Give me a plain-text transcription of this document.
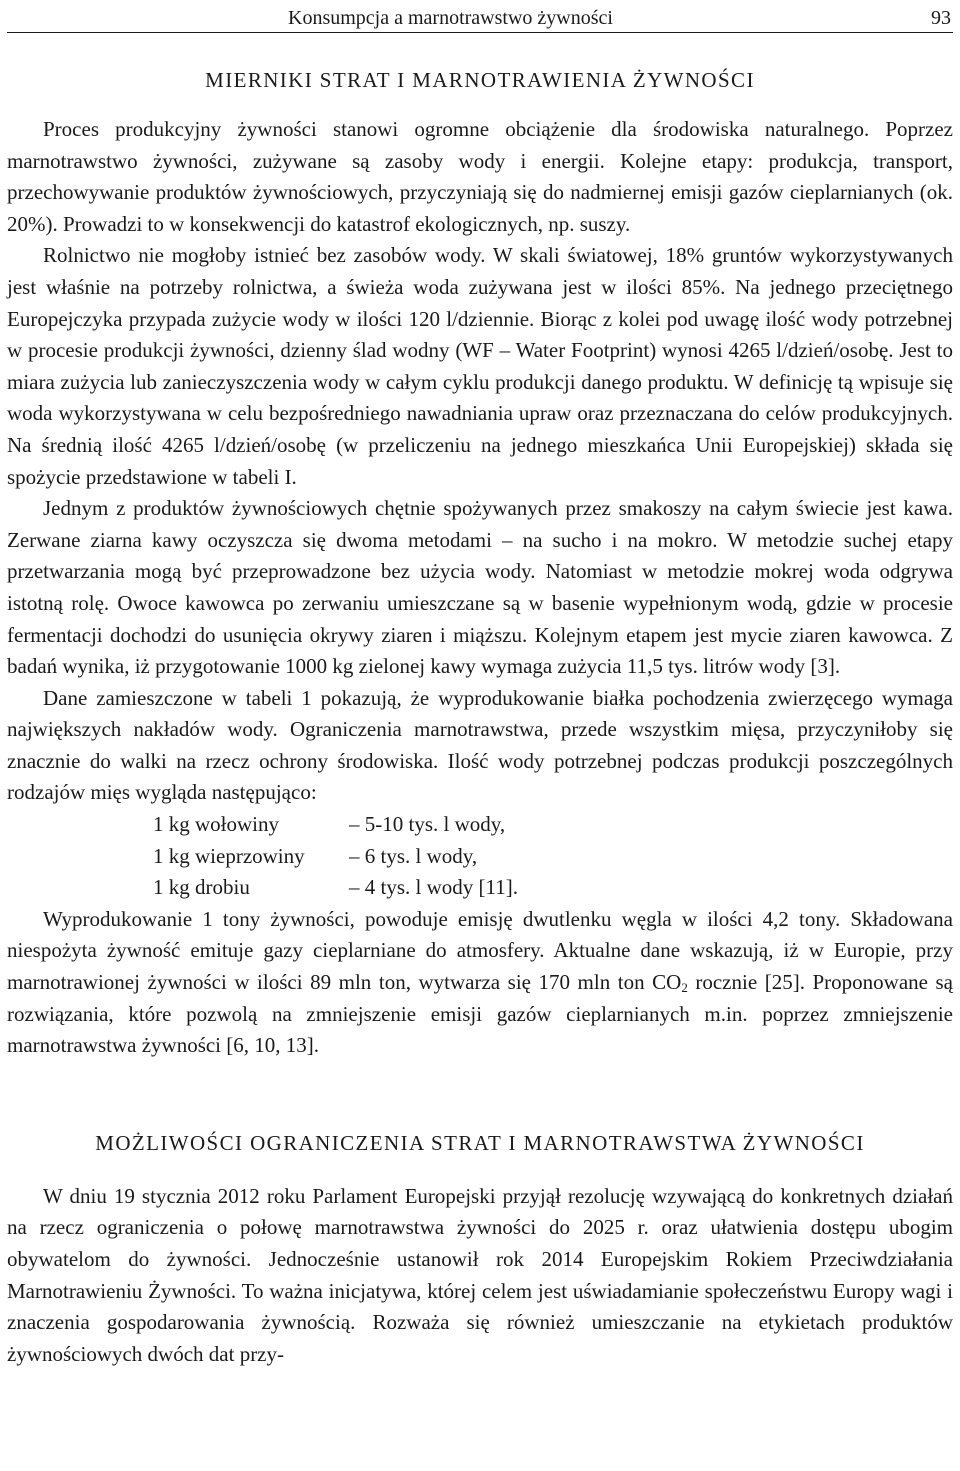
Konsumpcja a marnotrawstwo żywności	93
MIERNIKI STRAT I MARNOTRAWIENIA ŻYWNOŚCI

Proces produkcyjny żywności stanowi ogromne obciążenie dla środowiska naturalnego. Poprzez marnotrawstwo żywności, zużywane są zasoby wody i energii. Kolejne etapy: produkcja, transport, przechowywanie produktów żywnościowych, przyczyniają się do nadmiernej emisji gazów cieplarnianych (ok. 20%). Prowadzi to w konsekwencji do katastrof ekologicznych, np. suszy.

Rolnictwo nie mogłoby istnieć bez zasobów wody. W skali światowej, 18% gruntów wykorzystywanych jest właśnie na potrzeby rolnictwa, a świeża woda zużywana jest w ilości 85%. Na jednego przeciętnego Europejczyka przypada zużycie wody w ilości 120 l/dziennie. Biorąc z kolei pod uwagę ilość wody potrzebnej w procesie produkcji żywności, dzienny ślad wodny (WF – Water Footprint) wynosi 4265 l/dzień/osobę. Jest to miara zużycia lub zanieczyszczenia wody w całym cyklu produkcji danego produktu. W definicję tą wpisuje się woda wykorzystywana w celu bezpośredniego nawadniania upraw oraz przeznaczana do celów produkcyjnych. Na średnią ilość 4265 l/dzień/osobę (w przeliczeniu na jednego mieszkańca Unii Europejskiej) składa się spożycie przedstawione w tabeli I.

Jednym z produktów żywnościowych chętnie spożywanych przez smakoszy na całym świecie jest kawa. Zerwane ziarna kawy oczyszcza się dwoma metodami – na sucho i na mokro. W metodzie suchej etapy przetwarzania mogą być przeprowadzone bez użycia wody. Natomiast w metodzie mokrej woda odgrywa istotną rolę. Owoce kawowca po zerwaniu umieszczane są w basenie wypełnionym wodą, gdzie w procesie fermentacji dochodzi do usunięcia okrywy ziaren i miąższu. Kolejnym etapem jest mycie ziaren kawowca. Z badań wynika, iż przygotowanie 1000 kg zielonej kawy wymaga zużycia 11,5 tys. litrów wody [3].

Dane zamieszczone w tabeli 1 pokazują, że wyprodukowanie białka pochodzenia zwierzęcego wymaga największych nakładów wody. Ograniczenia marnotrawstwa, przede wszystkim mięsa, przyczyniłoby się znacznie do walki na rzecz ochrony środowiska. Ilość wody potrzebnej podczas produkcji poszczególnych rodzajów mięs wygląda następująco:

1 kg wołowiny	– 5-10 tys. l wody,
1 kg wieprzowiny	– 6 tys. l wody,
1 kg drobiu	– 4 tys. l wody [11].

Wyprodukowanie 1 tony żywności, powoduje emisję dwutlenku węgla w ilości 4,2 tony. Składowana niespożyta żywność emituje gazy cieplarniane do atmosfery. Aktualne dane wskazują, iż w Europie, przy marnotrawionej żywności w ilości 89 mln ton, wytwarza się 170 mln ton $CO_2$ rocznie [25]. Proponowane są rozwiązania, które pozwolą na zmniejszenie emisji gazów cieplarnianych m.in. poprzez zmniejszenie marnotrawstwa żywności [6, 10, 13].

MOŻLIWOŚCI OGRANICZENIA STRAT I MARNOTRAWSTWA ŻYWNOŚCI

W dniu 19 stycznia 2012 roku Parlament Europejski przyjął rezolucję wzywającą do konkretnych działań na rzecz ograniczenia o połowę marnotrawstwa żywności do 2025 r. oraz ułatwienia dostępu ubogim obywatelom do żywności. Jednocześnie ustanowił rok 2014 Europejskim Rokiem Przeciwdziałania Marnotrawieniu Żywności. To ważna inicjatywa, której celem jest uświadamianie społeczeństwu Europy wagi i znaczenia gospodarowania żywnością. Rozważa się również umieszczanie na etykietach produktów żywnościowych dwóch dat przy-
